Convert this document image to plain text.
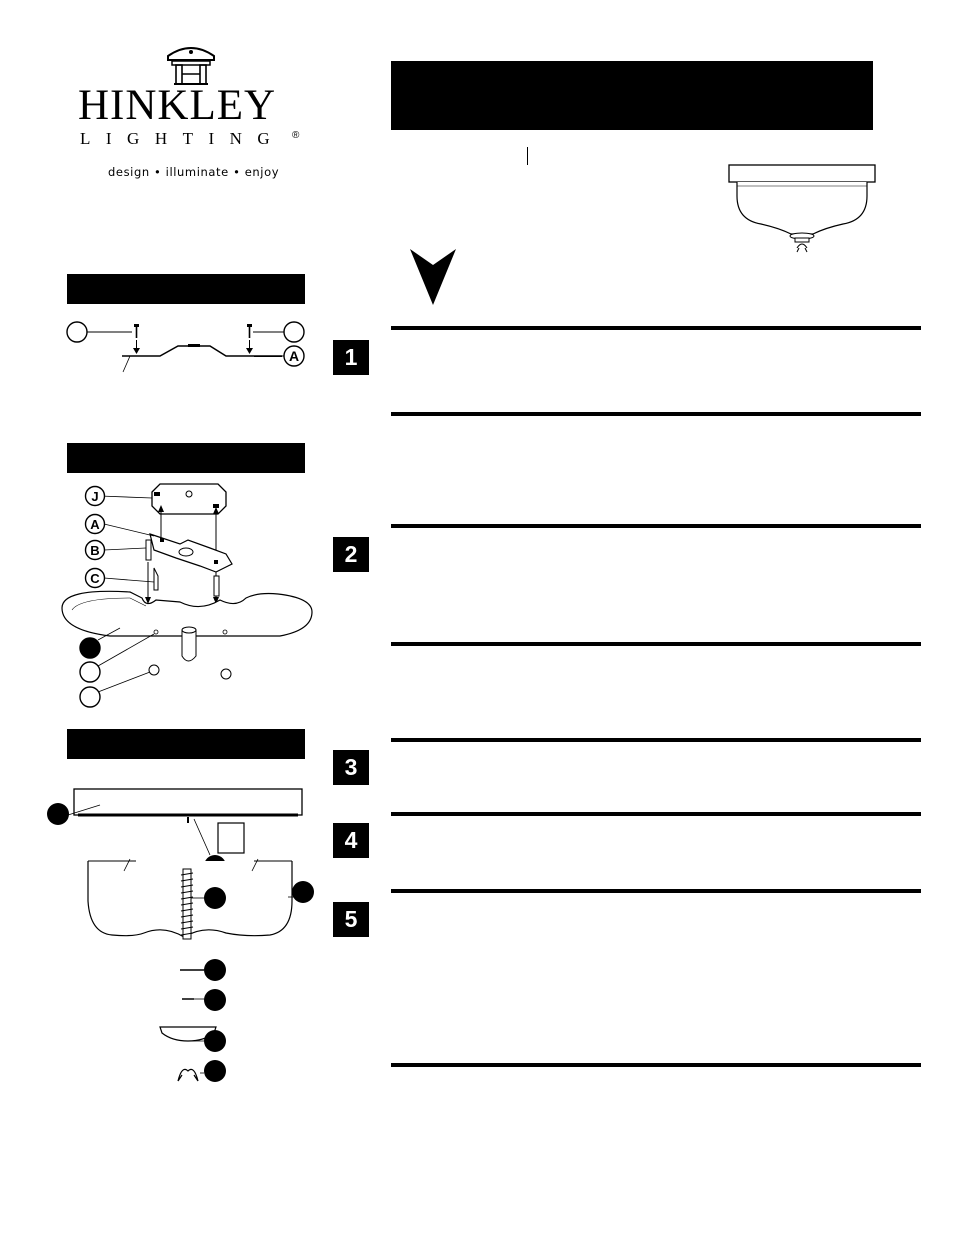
HINKLEY
®
LIGHTING
design • illuminate • enjoy
A
J
A
B
C
1
2
3
4
5
